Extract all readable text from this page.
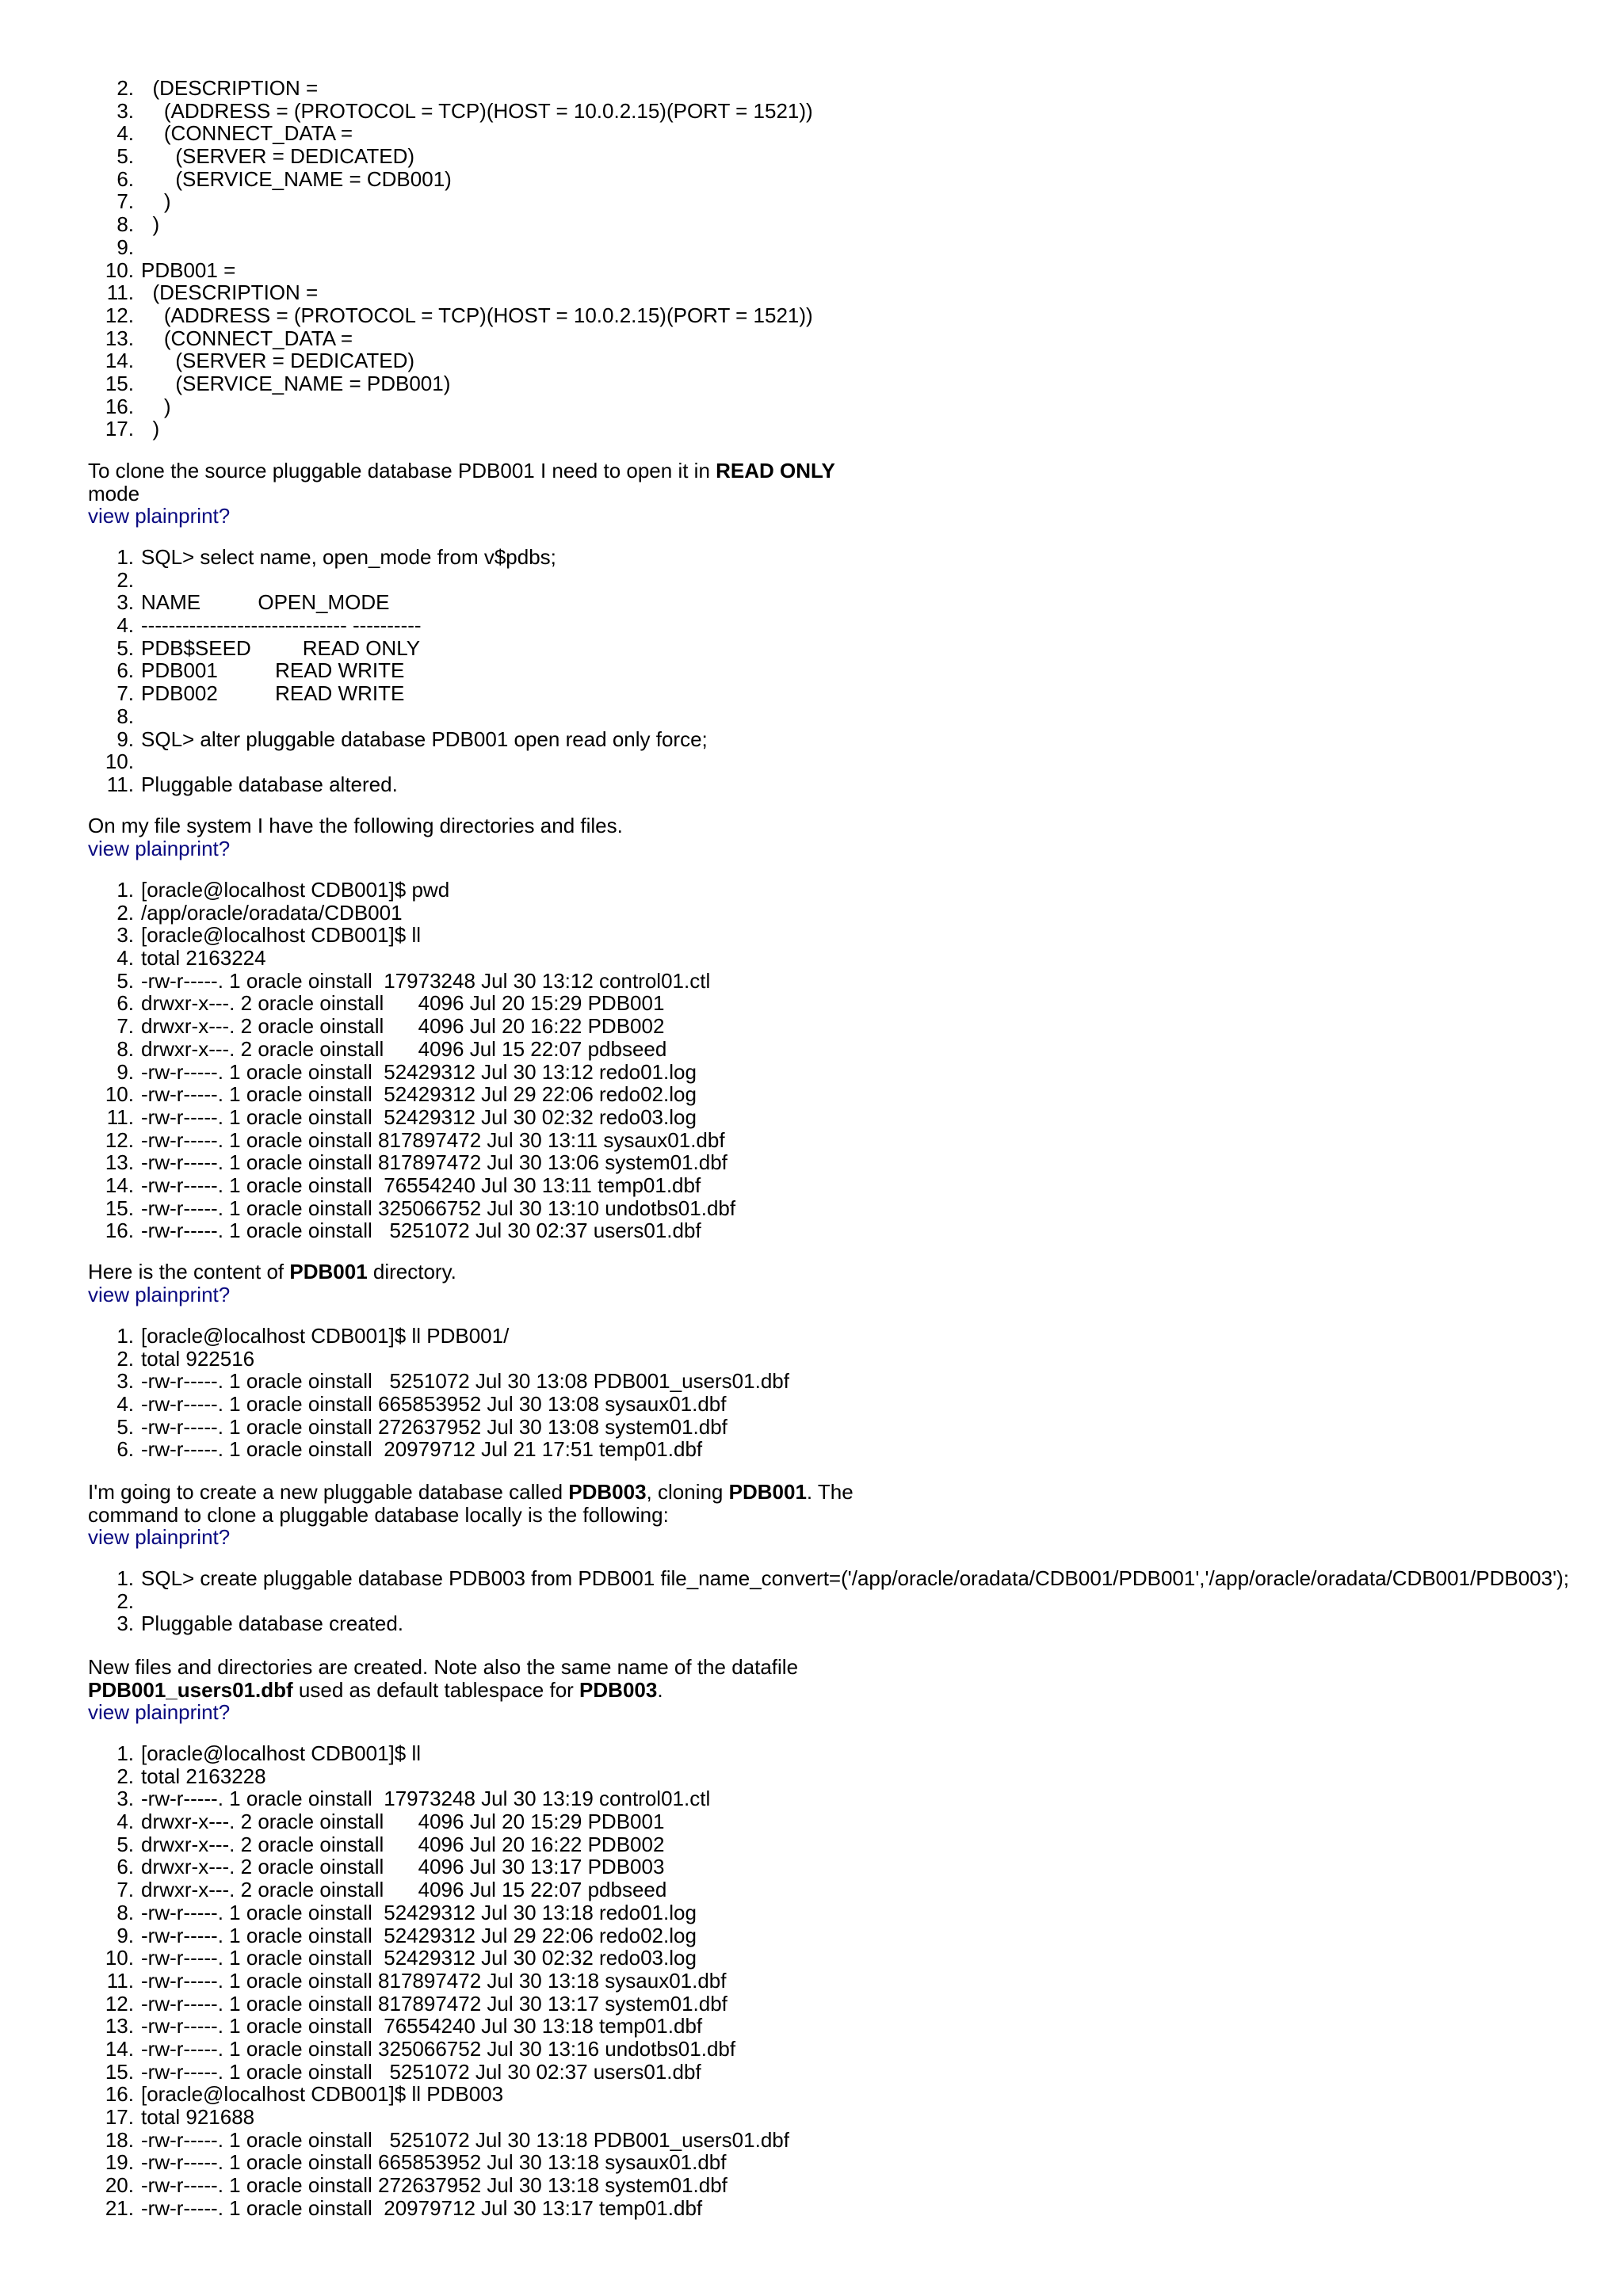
2. (DESCRIPTION =
3. (ADDRESS = (PROTOCOL = TCP)(HOST = 10.0.2.15)(PORT = 1521))
4. (CONNECT_DATA =
5. (SERVER = DEDICATED)
6. (SERVICE_NAME = CDB001)
7. )
8. )
9.
10. PDB001 =
11. (DESCRIPTION =
12. (ADDRESS = (PROTOCOL = TCP)(HOST = 10.0.2.15)(PORT = 1521))
13. (CONNECT_DATA =
14. (SERVER = DEDICATED)
15. (SERVICE_NAME = PDB001)
16. )
17. )

To clone the source pluggable database PDB001 I need to open it in READ ONLY
mode

view plainprint?
1. SQL> select name, open_mode from v$pdbs;
2.
3. NAME          OPEN_MODE
4. ------------------------------ ----------
5. PDB$SEED         READ ONLY
6. PDB001          READ WRITE
7. PDB002          READ WRITE
8.
9. SQL> alter pluggable database PDB001 open read only force;
10.
11. Pluggable database altered.

On my file system I have the following directories and files.

view plainprint?
1. [oracle@localhost CDB001]$ pwd
2. /app/oracle/oradata/CDB001
3. [oracle@localhost CDB001]$ ll
4. total 2163224
5. -rw-r-----. 1 oracle oinstall  17973248 Jul 30 13:12 control01.ctl
6. drwxr-x---. 2 oracle oinstall      4096 Jul 20 15:29 PDB001
7. drwxr-x---. 2 oracle oinstall      4096 Jul 20 16:22 PDB002
8. drwxr-x---. 2 oracle oinstall      4096 Jul 15 22:07 pdbseed
9. -rw-r-----. 1 oracle oinstall  52429312 Jul 30 13:12 redo01.log
10. -rw-r-----. 1 oracle oinstall  52429312 Jul 29 22:06 redo02.log
11. -rw-r-----. 1 oracle oinstall  52429312 Jul 30 02:32 redo03.log
12. -rw-r-----. 1 oracle oinstall 817897472 Jul 30 13:11 sysaux01.dbf
13. -rw-r-----. 1 oracle oinstall 817897472 Jul 30 13:06 system01.dbf
14. -rw-r-----. 1 oracle oinstall  76554240 Jul 30 13:11 temp01.dbf
15. -rw-r-----. 1 oracle oinstall 325066752 Jul 30 13:10 undotbs01.dbf
16. -rw-r-----. 1 oracle oinstall   5251072 Jul 30 02:37 users01.dbf

Here is the content of PDB001 directory.

view plainprint?
1. [oracle@localhost CDB001]$ ll PDB001/
2. total 922516
3. -rw-r-----. 1 oracle oinstall   5251072 Jul 30 13:08 PDB001_users01.dbf
4. -rw-r-----. 1 oracle oinstall 665853952 Jul 30 13:08 sysaux01.dbf
5. -rw-r-----. 1 oracle oinstall 272637952 Jul 30 13:08 system01.dbf
6. -rw-r-----. 1 oracle oinstall  20979712 Jul 21 17:51 temp01.dbf

I'm going to create a new pluggable database called PDB003, cloning PDB001. The
command to clone a pluggable database locally is the following:

view plainprint?
1. SQL> create pluggable database PDB003 from PDB001 file_name_convert=('/app/oracle/oradata/CDB001/PDB001','/app/oracle/oradata/CDB001/PDB003');
2.
3. Pluggable database created.

New files and directories are created. Note also the same name of the datafile
PDB001_users01.dbf used as default tablespace for PDB003.

view plainprint?
1. [oracle@localhost CDB001]$ ll
2. total 2163228
3. -rw-r-----. 1 oracle oinstall  17973248 Jul 30 13:19 control01.ctl
4. drwxr-x---. 2 oracle oinstall      4096 Jul 20 15:29 PDB001
5. drwxr-x---. 2 oracle oinstall      4096 Jul 20 16:22 PDB002
6. drwxr-x---. 2 oracle oinstall      4096 Jul 30 13:17 PDB003
7. drwxr-x---. 2 oracle oinstall      4096 Jul 15 22:07 pdbseed
8. -rw-r-----. 1 oracle oinstall  52429312 Jul 30 13:18 redo01.log
9. -rw-r-----. 1 oracle oinstall  52429312 Jul 29 22:06 redo02.log
10. -rw-r-----. 1 oracle oinstall  52429312 Jul 30 02:32 redo03.log
11. -rw-r-----. 1 oracle oinstall 817897472 Jul 30 13:18 sysaux01.dbf
12. -rw-r-----. 1 oracle oinstall 817897472 Jul 30 13:17 system01.dbf
13. -rw-r-----. 1 oracle oinstall  76554240 Jul 30 13:18 temp01.dbf
14. -rw-r-----. 1 oracle oinstall 325066752 Jul 30 13:16 undotbs01.dbf
15. -rw-r-----. 1 oracle oinstall   5251072 Jul 30 02:37 users01.dbf
16. [oracle@localhost CDB001]$ ll PDB003
17. total 921688
18. -rw-r-----. 1 oracle oinstall   5251072 Jul 30 13:18 PDB001_users01.dbf
19. -rw-r-----. 1 oracle oinstall 665853952 Jul 30 13:18 sysaux01.dbf
20. -rw-r-----. 1 oracle oinstall 272637952 Jul 30 13:18 system01.dbf
21. -rw-r-----. 1 oracle oinstall  20979712 Jul 30 13:17 temp01.dbf
